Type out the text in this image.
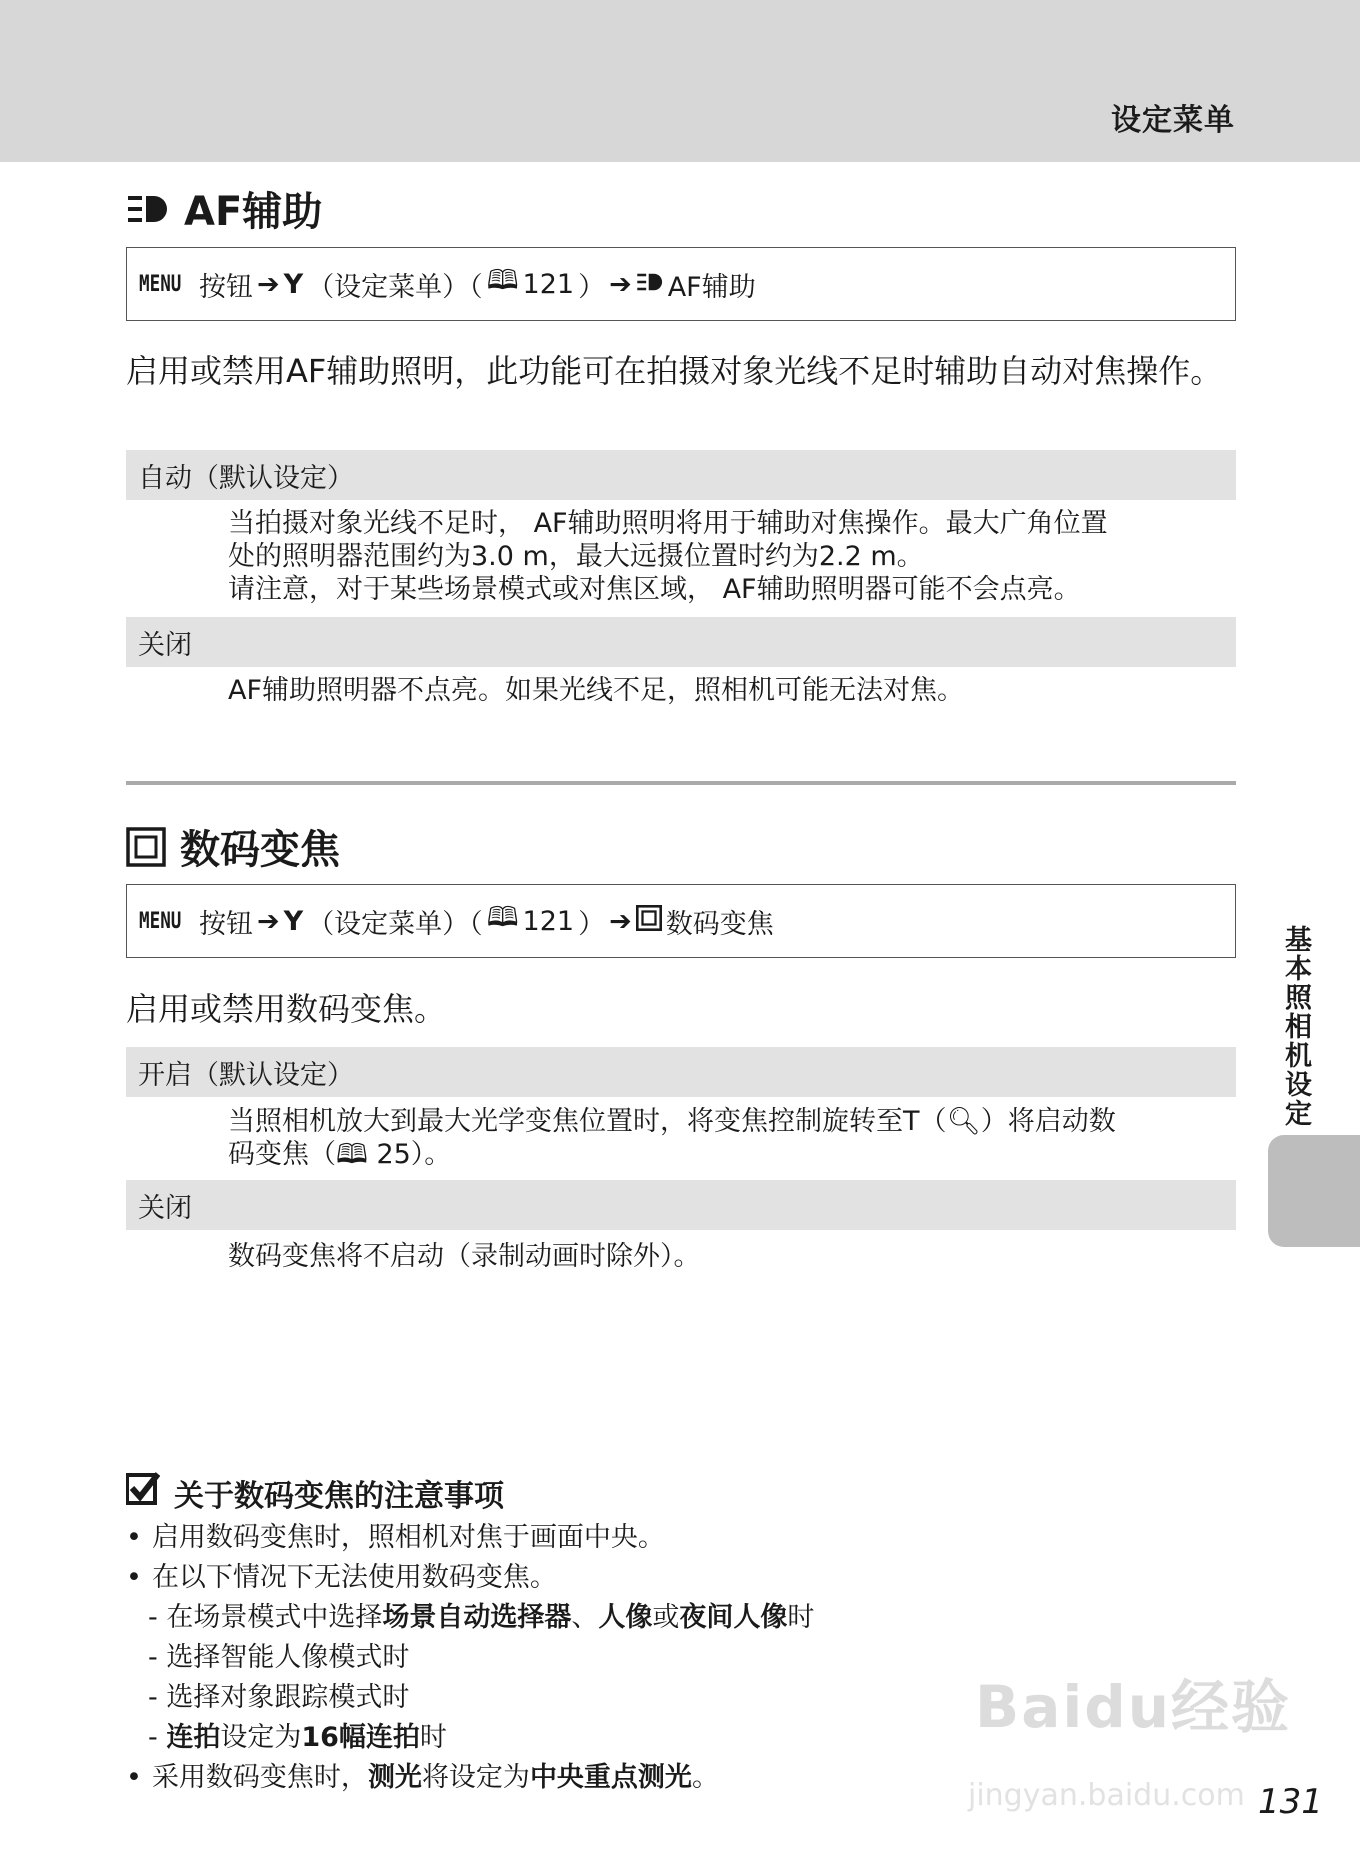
设定菜单
AF辅助
MENU 按钮 ➔ Y （设定菜单）（ 🕮 121 ） ➔ AF辅助
启用或禁用AF辅助照明，此功能可在拍摄对象光线不足时辅助自动对焦操作。
自动（默认设定）
当拍摄对象光线不足时， AF辅助照明将用于辅助对焦操作。最大广角位置
处的照明器范围约为3.0 m，最大远摄位置时约为2.2 m。
请注意，对于某些场景模式或对焦区域， AF辅助照明器可能不会点亮。
关闭
AF辅助照明器不点亮。如果光线不足，照相机可能无法对焦。
数码变焦
MENU 按钮 ➔ Y （设定菜单）（ 🕮 121 ） ➔ 数码变焦
启用或禁用数码变焦。
开启（默认设定）
当照相机放大到最大光学变焦位置时，将变焦控制旋转至T（🔍︎）将启动数
码变焦（🕮 25）。
关闭
数码变焦将不启动（录制动画时除外）。
基本照相机设定
关于数码变焦的注意事项
• 启用数码变焦时，照相机对焦于画面中央。
• 在以下情况下无法使用数码变焦。
- 在场景模式中选择场景自动选择器、人像或夜间人像时
- 选择智能人像模式时
- 选择对象跟踪模式时
- 连拍设定为16幅连拍时
• 采用数码变焦时，测光将设定为中央重点测光。
Baidu经验
jingyan.baidu.com 131
